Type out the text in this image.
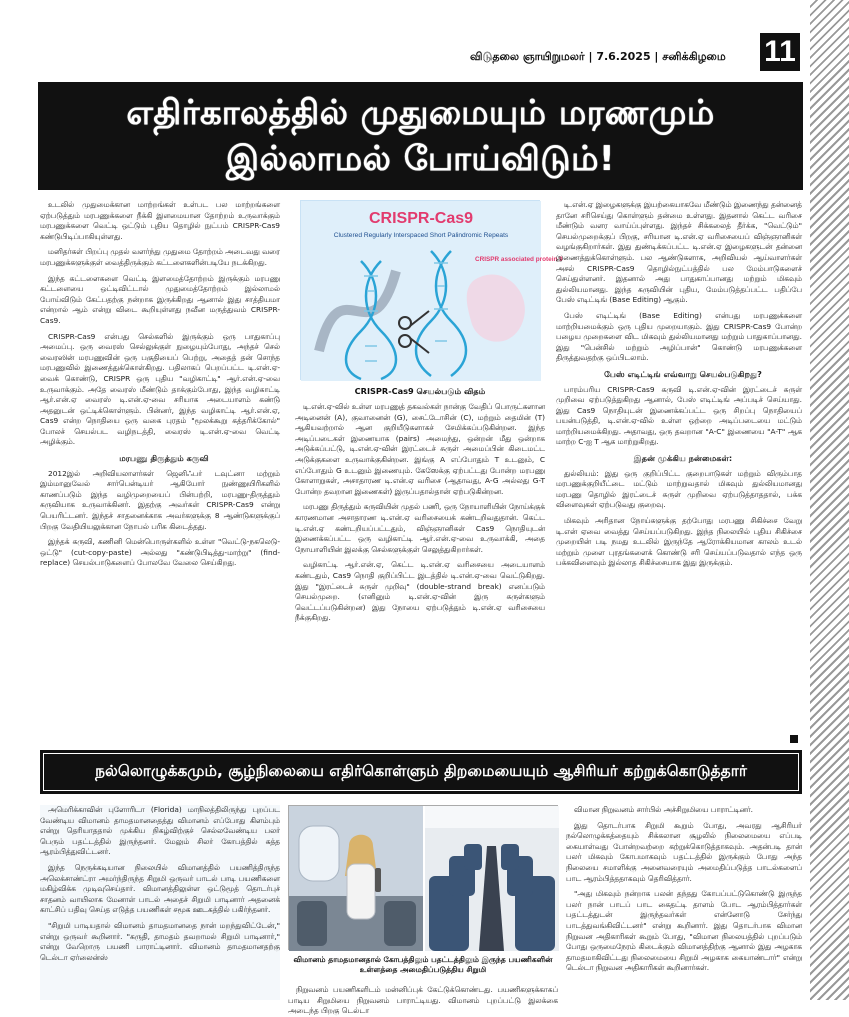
விடுதலை ஞாயிறுமலர் | 7.6.2025 | சனிக்கிழமை 11
எதிர்காலத்தில் முதுமையும் மரணமும்
இல்லாமல் போய்விடும்!

உடலில் முதுமைக்கான மாற்றங்கள் உள்பட பல மாற்றங்களை ஏற்படுத்தும் மரபணுக்களை நீக்கி இளமையான தோற்றம் உருவாக்கும் மரபணுக்களை வெட்டி ஒட்டும் புதிய தொழில் நுட்பம் CRISPR-Cas9 கண்டுபிடிப்பாகியுள்ளது.

மனிதர்கள் பிறப்பு முதல் வளர்ந்து முதுமை தோற்றம் அடைவது வரை மரபணுக்களுக்குள் வைத்திருக்கும் கட்டளைகளின்படியே நடக்கிறது.

இந்த கட்டளைகளை வெட்டி இளமைத்தோற்றம் இருக்கும் மரபணு கட்டளையை ஒட்டிவிட்டால் முதுமைத்தோற்றம் இல்லாமல் போய்விடும் கேட்பதற்கு நன்றாக இருக்கிறது ஆனால் இது சாத்தியமா என்றால் ஆம் என்று விடை கூறியுள்ளது நவீன மருத்துவம் CRISPR-Cas9.

CRISPR-Cas9 என்பது செல்களில் இருக்கும் ஒரு பாதுகாப்பு அமைப்பு. ஒரு வைரஸ் செல்லுக்குள் நுழையும்போது, அந்தச் செல் வைரஸின் மரபணுவின் ஒரு பகுதியைப் பெற்று, அதைத் தன் சொந்த மரபணுவில் இணைத்துக்கொள்கிறது. பதிலாகப் பெறப்பட்ட டி.என்.ஏ-வைக் கொண்டு, CRISPR ஒரு புதிய "வழிகாட்டி" ஆர்.என்.ஏ-வை உருவாக்கும். அதே வைரஸ் மீண்டும் தாக்கும்போது, இந்த வழிகாட்டி ஆர்.என்.ஏ வைரஸ் டி.என்.ஏ-வை சரியாக அடையாளம் கண்டு அதனுடன் ஒட்டிக்கொள்ளும். பின்னர், இந்த வழிகாட்டி ஆர்.என்.ஏ, Cas9 என்ற நொதியை ஒரு வகை புரதம் "மூலக்கூறு கத்தரிக்கோல்" போலச் செயல்பட வழிநடத்தி, வைரஸ் டி.என்.ஏ-வை வெட்டி அழிக்கும்.

மரபணு திருத்தும் கருவி

2012இல் அறிவியலாளர்கள் ஜெனிஃபர் டவுட்னா மற்றும் இம்மானுவேல் சார்பென்டியர் ஆகியோர் நுண்ணுயிரிகளில் காணப்படும் இந்த வழிமுறையைப் பின்பற்றி, மரபணு-திருத்தும் கருவியாக உருவாக்கினர். இதற்கு அவர்கள் CRISPR-Cas9 என்று பெயரிட்டனர். இந்தச் சாதனைக்காக அவர்களுக்கு 8 ஆண்டுகளுக்குப் பிறகு வேதியியலுக்கான நோபல் பரிசு கிடைத்தது.

இந்தக் கருவி, கணினி மென்பொருள்களில் உள்ள "வெட்டு-நகலெடு-ஒட்டு" (cut-copy-paste) அல்லது "கண்டுபிடித்து-மாற்று" (find-replace) செயல்பாடுகளைப் போலவே வேலை செய்கிறது.

CRISPR-Cas9
Clustered Regularly Interspaced Short Palindromic Repeats
CRISPR associated protein 9
CRISPR-Cas9 செயல்படும் விதம்

டி.என்.ஏ-வில் உள்ள மரபணுத் தகவல்கள் நான்கு வேதிப் பொருட்களான அடினைன் (A), குவானைன் (G), சைட்டோசின் (C), மற்றும் தைமின் (T) ஆகியவற்றால் ஆன குறியீடுகளாகச் சேமிக்கப்படுகின்றன. இந்த அடிப்படைகள் இணையாக (pairs) அமைந்து, ஒன்றன் மீது ஒன்றாக அடுக்கப்பட்டு, டி.என்.ஏ-வின் இரட்டைச் சுருள் அமைப்பின் கிடைமட்ட அடுக்குகளை உருவாக்குகின்றன. இங்கு A எப்போதும் T உடனும், C எப்போதும் G உடனும் இணையும். கேஸேக்கு ஏற்பட்டது போன்ற மரபணு கோளாறுகள், அசாதாரண டி.என்.ஏ வரிசை (ஆதாவது, A-G அல்லது G-T போன்ற தவறான இணைகள்) இருப்பதால்தான் ஏற்படுகின்றன.

மரபணு திருத்தும் கருவியின் முதல் பணி, ஒரு நோயாளியின் நோய்க்குக் காரணமான அசாதாரண டி.என்.ஏ வரிசையைக் கண்டறிவதுதான். கெட்ட டி.என்.ஏ கண்டறியப்பட்டதும், விஞ்ஞானிகள் Cas9 நொதியுடன் இணைக்கப்பட்ட ஒரு வழிகாட்டி ஆர்.என்.ஏ-வை உருவாக்கி, அதை நோயாளியின் இலக்கு செல்களுக்குள் செலுத்துகிறார்கள்.

வழிகாட்டி ஆர்.என்.ஏ, கெட்ட டி.என்.ஏ வரிசையை அடையாளம் கண்டதும், Cas9 நொதி குறிப்பிட்ட இடத்தில் டி.என்.ஏ-வை வெட்டுகிறது. இது "இரட்டைச் சுருள் முறிவு" (double-strand break) எனப்படும் செயல்முறை. (எனினும் டி.என்.ஏ-வின் இரு சுருள்களும் வெட்டப்படுகின்றன) இது நோயை ஏற்படுத்தும் டி.என்.ஏ வரிசையை நீக்குகிறது.

டி.என்.ஏ இழைகளுக்கு இயற்கையாகவே மீண்டும் இணைந்து தன்னைத் தானே சரிசெய்து கொள்ளும் தன்மை உள்ளது. இதனால் கெட்ட வரிசை மீண்டும் வளர வாய்ப்புள்ளது. இந்தச் சிக்கலைத் தீர்க்க, "வெட்டும்" செயல்முறைக்குப் பிறகு, சரியான டி.என்.ஏ வரிசையைப் விஞ்ஞானிகள் வழங்குகிறார்கள். இது துண்டிக்கப்பட்ட டி.என்.ஏ இழைகளுடன் தன்னை இணைத்துக்கொள்ளும். பல ஆண்டுகளாக, அறிவியல் ஆய்வாளர்கள் அசல் CRISPR-Cas9 தொழில்நுட்பத்தில் பல மேம்பாடுகளைச் செய்துள்ளனர். இதனால் அது பாதுகாப்பானது மற்றும் மிகவும் துல்லியமானது. இந்த கருவியின் புதிய, மேம்படுத்தப்பட்ட பதிப்பே பேஸ் எடிட்டிங் (Base Editing) ஆகும்.

பேஸ் எடிட்டிங் (Base Editing) என்பது மரபணுக்களை மாற்றியமைக்கும் ஒரு புதிய முறையாகும். இது CRISPR-Cas9 போன்ற பழைய முறைகளை விட மிகவும் துல்லியமானது மற்றும் பாதுகாப்பானது. இது "பென்சில் மற்றும் அழிப்பான்" கொண்டு மரபணுக்களை திருத்துவதற்கு ஒப்பிடலாம்.

பேஸ் எடிட்டிங் எவ்வாறு செயல்படுகிறது?

பாரம்பரிய CRISPR-Cas9 கருவி டி.என்.ஏ-வின் இரட்டைச் சுருள் முறிவை ஏற்படுத்துகிறது ஆனால், பேஸ் எடிட்டிங் அப்படிச் செய்யாது. இது Cas9 நொதியுடன் இணைக்கப்பட்ட ஒரு சிறப்பு நொதியைப் பயன்படுத்தி, டி.என்.ஏ-வில் உள்ள ஒற்றை அடிப்படையை மட்டும் மாற்றியமைக்கிறது. அதாவது, ஒரு தவறான "A-C" இணையை "A-T" ஆக மாற்ற C-ஐ T ஆக மாற்றுகிறது.

இதன் முக்கிய நன்மைகள்:

துல்லியம்: இது ஒரு குறிப்பிட்ட குறைபாடுகள் மற்றும் விரும்பாத மரபணுக்குறியீட்டை மட்டும் மாற்றுவதால் மிகவும் துல்லியமானது மரபணு தொழில் இரட்டைச் சுருள் முறிவை ஏற்படுத்தாததால், பக்க விளைவுகள் ஏற்படுவது குறைவு.

மிகவும் அரிதான நோய்களுக்கு தற்போது மரபணு சிகிச்சை வேறு டி.என் ஏவை வைத்து செய்யப்படுகிறது. இந்த நிலையில் புதிய சிகிச்சை முறையின் படி நமது உடலில் இருந்தே ஆரோக்கியமான காலம் உடல் மற்றும் முளை புரதங்களைக் கொண்டு சரி செய்யப்படுவதால் எந்த ஒரு பக்கவிளைவும் இல்லாத சிகிச்சையாக இது இருக்கும்.

நல்லொழுக்கமும், சூழ்நிலையை எதிர்கொள்ளும் திறமையையும் ஆசிரியர் கற்றுக்கொடுத்தார்

அமெரிக்காவின் புளோரிடா (Florida) மாநிலத்திலிருந்து புறப்பட வேண்டிய விமானம் தாமதமானதைத்து விமானம் எப்போது கிளம்பும் என்று தெரியாததால் முக்கிய நிகழ்விற்குச் செல்லவேண்டிய பலர் பெரும் பதட்டத்தில் இருந்தனர். மேலும் சிலர் கோபத்தில் கத்த ஆரம்பித்துவிட்டனர்.

இந்த நெருக்கடியான நிலையில் விமானத்தில் பயணித்திருந்த அலெக்சாண்ட்ரா அமர்ந்திருந்த சிறுமி ஒருவர் பாடல் பாடி பயணிகளை மகிழ்விக்க முடிவுசெய்தார். விமானத்திலுள்ள ஒட்டுமூத் தொடர்புச் சாதனம் வாயிலாக மேனாள் பாடல் அதைச் சிறுமி பாடினார் அதனைக் காட்சிப் பதிவு செய்த எடுத்த பயணிகள் சமூக ஊடகத்தில் பகிர்ந்தனர்.

"சிறுமி பாடியதால் விமானம் தாமதமானதை நான் மறந்துவிட்டேன்," என்று ஒருவர் கூறினார். "கருதி, தாமதம் தவறாமல் சிறுமி பாடினார்," என்று வேறொரு பயணி பாராட்டினார். விமானம் தாமதமானதற்கு டெல்டா ஏர்லைன்ஸ்	விமானம் தாமதமானதால் கோபத்திலும் பதட்டத்திலும் இருந்த பயணிகளின் உள்ளத்தை அமைதிப்படுத்திய சிறுமி

நிறுவனம் பயணிகளிடம் மன்னிப்புக் கேட்டுக்கொண்டது. பயணிகளுக்காகப் பாடிய சிறுமியை நிறுவனம் பாராட்டியது. விமானம் புறப்பட்டு இலக்கை அடைந்த பிறகு டெல்டா

விமான நிறுவனம் சார்பில் அச்சிறுமியை பாராட்டினர்.

இது தொடர்பாக சிறுமி கூறும் போது, அவரது ஆசிரியர் நல்லொழுக்கத்தையும் சிக்கலான சூழலில் நிலைமையை எப்படி கையாள்வது போன்றவற்றை கற்றுக்கொடுத்தாகவும். அதன்படி தான் பலர் மிகவும் கோபமாகவும் பதட்டத்தில் இருக்கும் போது அந்த நிலையை சமாளிக்கு அனைவரையும் அமைதிப்படுத்த பாடல்களைப் பாட ஆரம்பித்ததாகவும் தெரிவித்தார்.

"அது மிகவும் நன்றாக பலன் தந்தது கோபப்பட்டுகொண்டு இருந்த பலர் நான் பாடப் பாட கைதட்டி தாளம் போட ஆரம்பித்தார்கள் பதட்டத்துடன் இருந்தவர்கள் என்னோடு சேர்ந்து பாடத்துவங்கிவிட்டனர்" என்று கூறினார். இது தொடர்பாக விமான நிறுவன அதிகாரிகள் கூறும் போது, "விமான நிலையத்தில் புறப்படும் போது ஒருமைநேரம் கிடைக்கும் விமானத்திற்கு ஆனால் இது அழகாக தாமதமாகிவிட்டது நிலைமையை சிறுமி அழகாக கையாண்டார்" என்று டெல்டா நிறுவன அதிகாரிகள் கூறினார்கள்.
